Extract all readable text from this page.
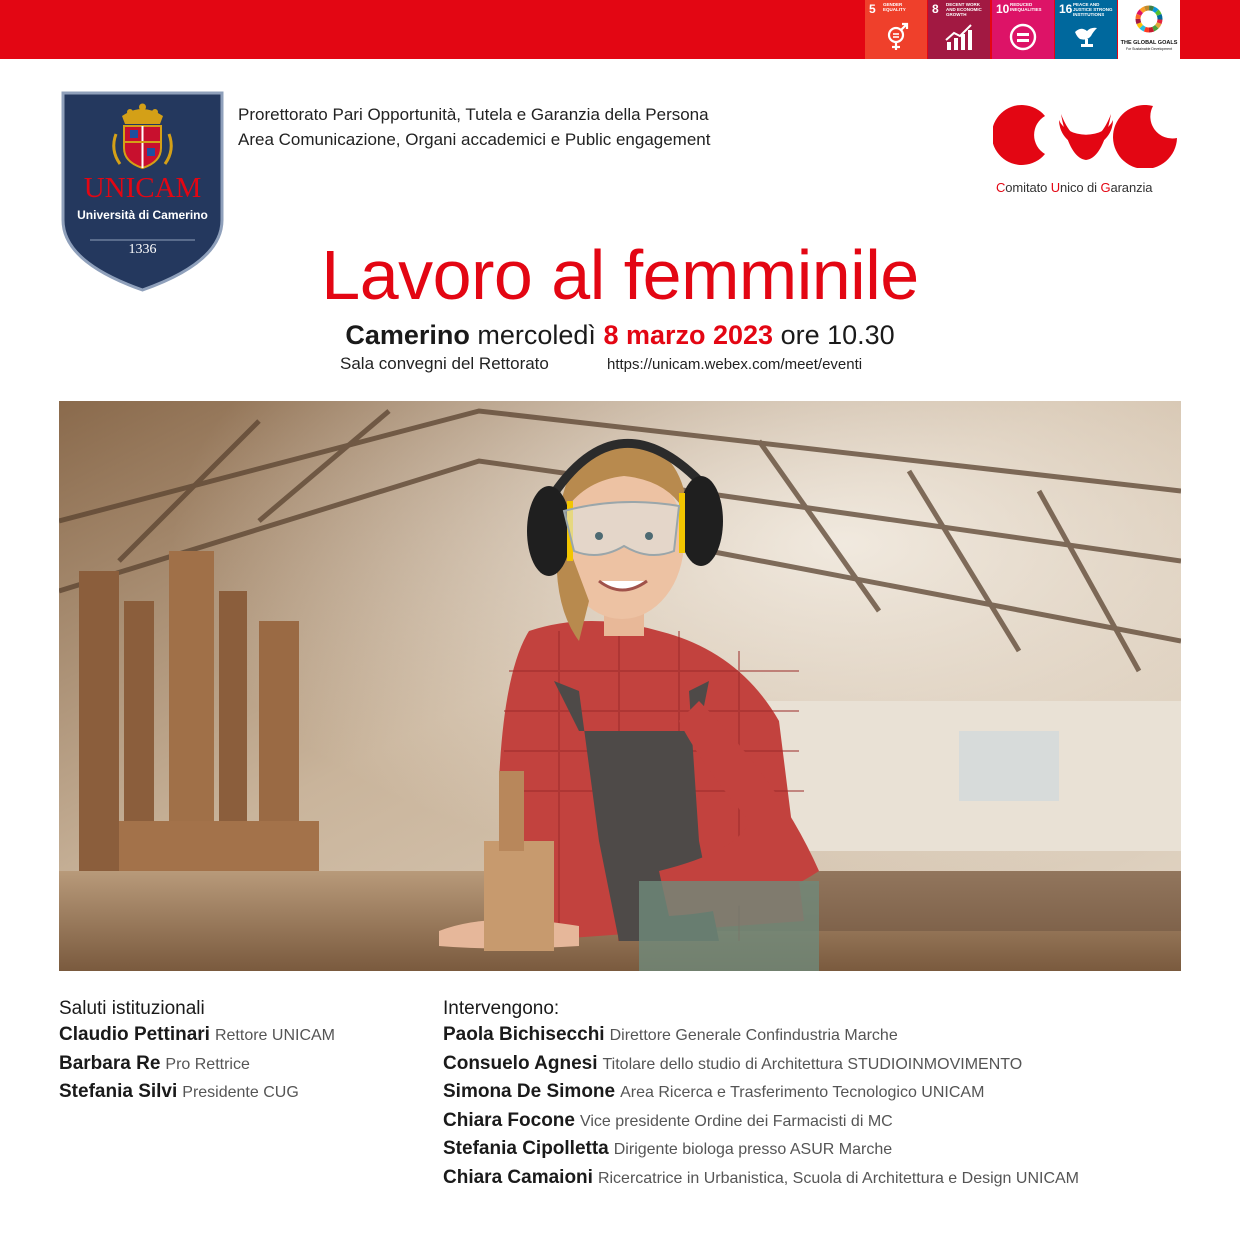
5 GENDER EQUALITY	8 DECENT WORK AND ECONOMIC GROWTH	10 REDUCED INEQUALITIES	16 PEACE AND JUSTICE STRONG INSTITUTIONS
THE GLOBAL GOALS
For Sustainable Development
UNICAM
Università di Camerino
1336
Prorettorato Pari Opportunità, Tutela e Garanzia della Persona
Area Comunicazione, Organi accademici e Public engagement
Comitato Unico di Garanzia
Lavoro al femminile
Camerino mercoledì 8 marzo 2023 ore 10.30
Sala convegni del Rettorato	https://unicam.webex.com/meet/eventi
Saluti istituzionali
Claudio Pettinari Rettore UNICAM
Barbara Re Pro Rettrice
Stefania Silvi Presidente CUG
Intervengono:
Paola Bichisecchi Direttore Generale Confindustria Marche
Consuelo Agnesi Titolare dello studio di Architettura STUDIOINMOVIMENTO
Simona De Simone Area Ricerca e Trasferimento Tecnologico UNICAM
Chiara Focone Vice presidente Ordine dei Farmacisti di MC
Stefania Cipolletta Dirigente biologa presso ASUR Marche
Chiara Camaioni Ricercatrice in Urbanistica, Scuola di Architettura e Design UNICAM
